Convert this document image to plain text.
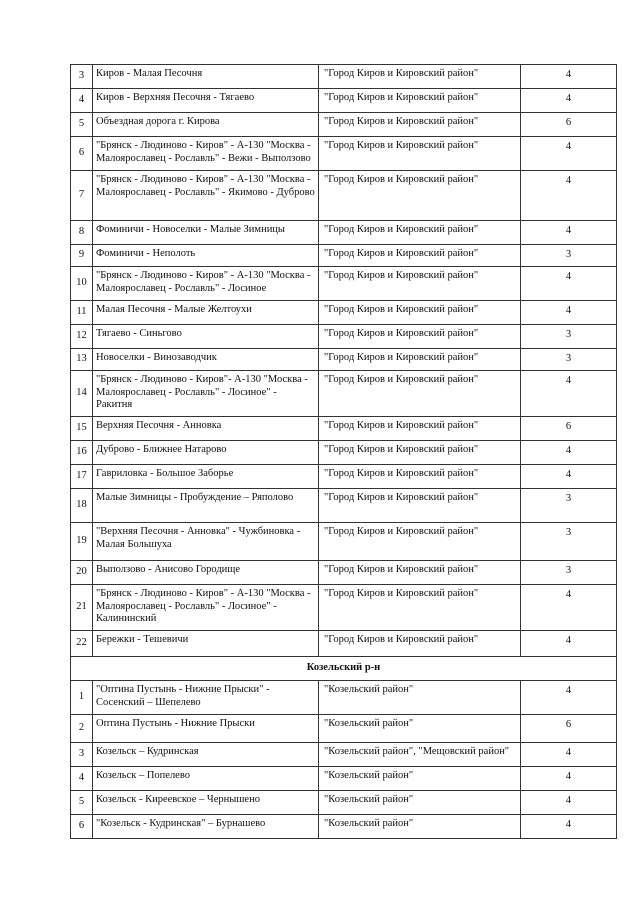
3	Киров - Малая Песочня	"Город Киров и Кировский район"	4
4	Киров - Верхняя Песочня - Тягаево	"Город Киров и Кировский район"	4
5	Объездная дорога г. Кирова	"Город Киров и Кировский район"	6
6	"Брянск - Людиново - Киров" - А-130 "Москва - Малоярославец - Рославль" - Вежи - Выползово	"Город Киров и Кировский район"	4
7	"Брянск - Людиново - Киров" - А-130 "Москва - Малоярославец - Рославль" - Якимово - Дуброво	"Город Киров и Кировский район"	4
8	Фоминичи - Новоселки - Малые Зимницы	"Город Киров и Кировский район"	4
9	Фоминичи - Неполоть	"Город Киров и Кировский район"	3
10	"Брянск - Людиново - Киров" - А-130 "Москва - Малоярославец - Рославль" - Лосиное	"Город Киров и Кировский район"	4
11	Малая Песочня - Малые Желтоухи	"Город Киров и Кировский район"	4
12	Тягаево - Синьгово	"Город Киров и Кировский район"	3
13	Новоселки - Винозаводчик	"Город Киров и Кировский район"	3
14	"Брянск - Людиново - Киров"- А-130 "Москва - Малоярославец - Рославль" - Лосиное" - Ракитня	"Город Киров и Кировский район"	4
15	Верхняя Песочня - Анновка	"Город Киров и Кировский район"	6
16	Дуброво - Ближнее Натарово	"Город Киров и Кировский район"	4
17	Гавриловка - Большое Заборье	"Город Киров и Кировский район"	4
18	Малые Зимницы - Пробуждение – Ряполово	"Город Киров и Кировский район"	3
19	"Верхняя Песочня - Анновка" - Чужбиновка - Малая Большуха	"Город Киров и Кировский район"	3
20	Выползово - Анисово Городище	"Город Киров и Кировский район"	3
21	"Брянск - Людиново - Киров" - А-130 "Москва - Малоярославец - Рославль" - Лосиное" - Калининский	"Город Киров и Кировский район"	4
22	Бережки - Тешевичи	"Город Киров и Кировский район"	4
Козельский р-н			
1	"Оптина Пустынь - Нижние Прыски" - Сосенский – Шепелево	"Козельский район"	4
2	Оптина Пустынь - Нижние Прыски	"Козельский район"	6
3	Козельск – Кудринская	"Козельский район", "Мещовский район"	4
4	Козельск – Попелево	"Козельский район"	4
5	Козельск - Киреевское – Чернышено	"Козельский район"	4
6	"Козельск - Кудринская" – Бурнашево	"Козельский район"	4
